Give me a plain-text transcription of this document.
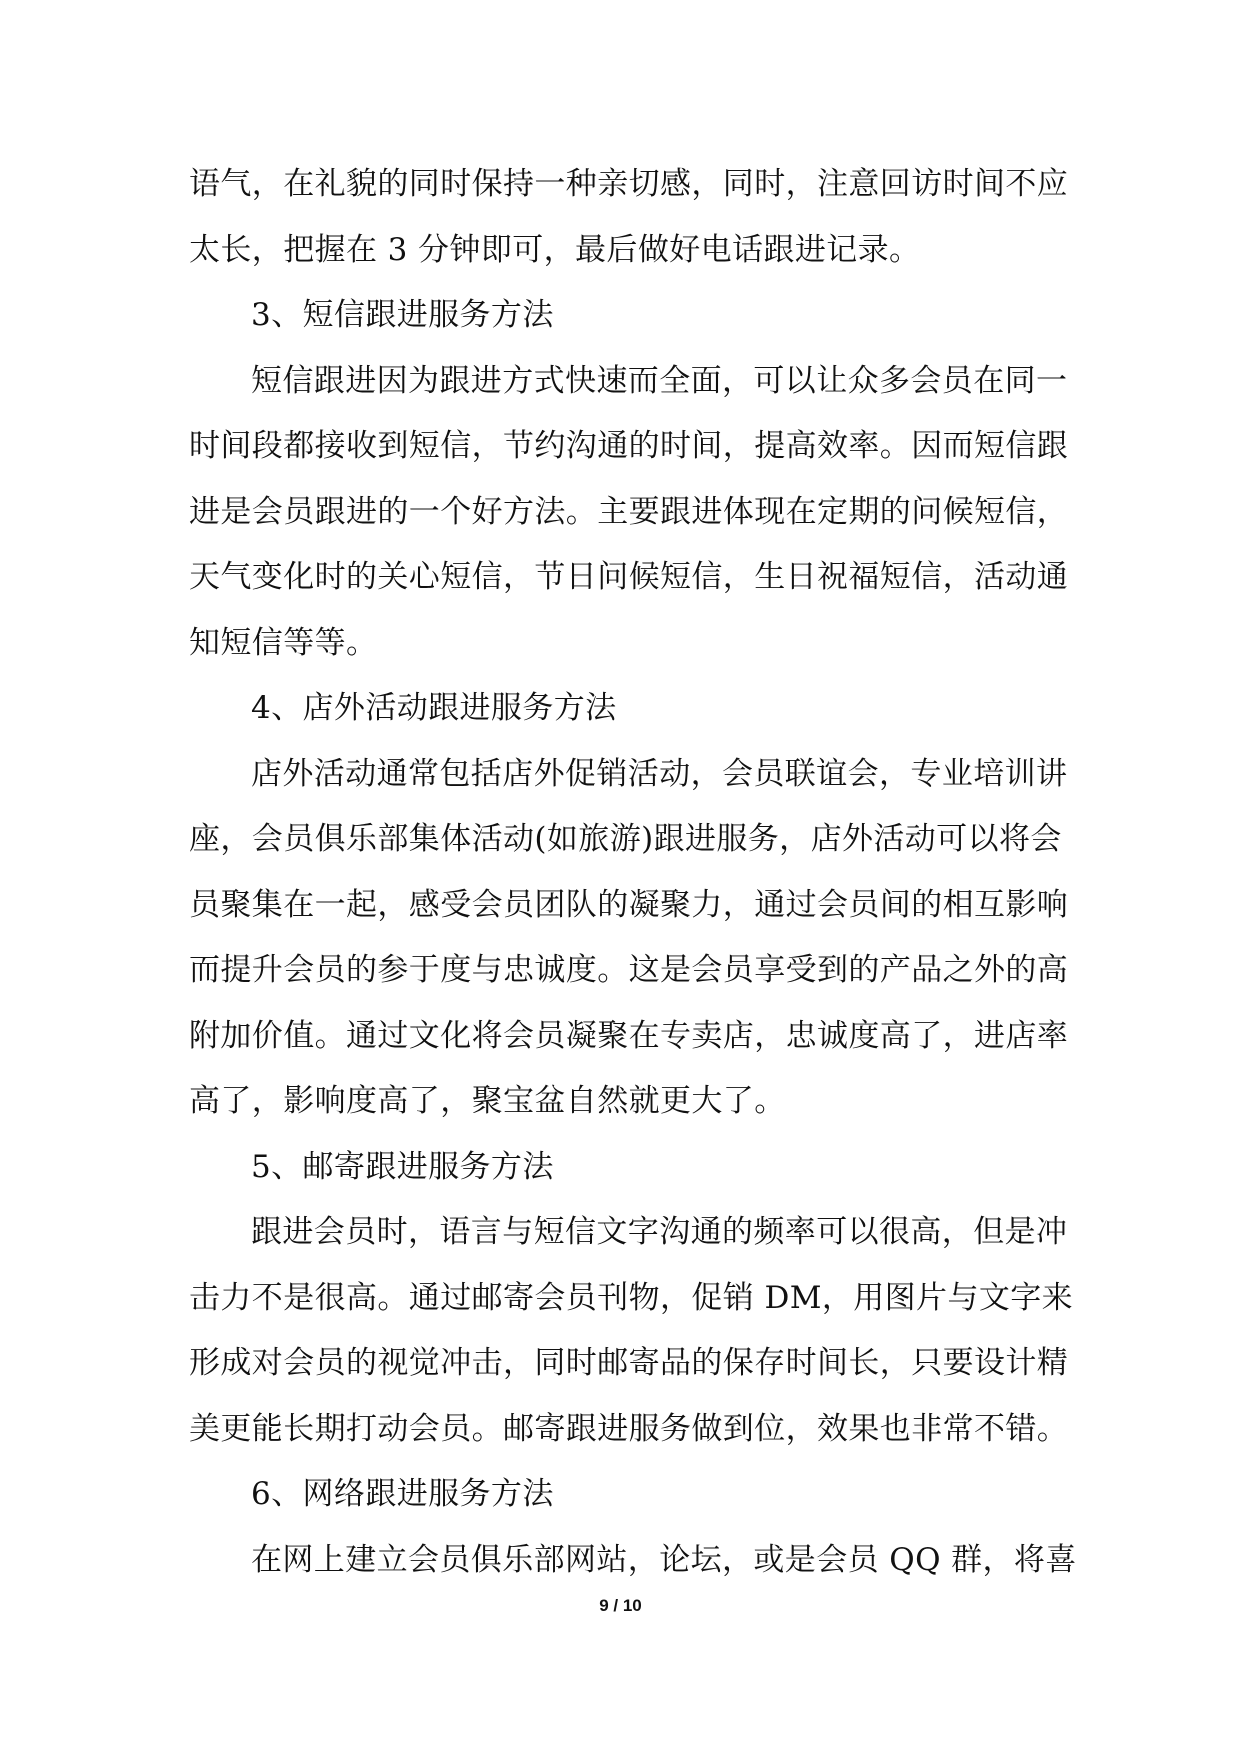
语气，在礼貌的同时保持一种亲切感，同时，注意回访时间不应
太长，把握在 3 分钟即可，最后做好电话跟进记录。
3、短信跟进服务方法
短信跟进因为跟进方式快速而全面，可以让众多会员在同一
时间段都接收到短信，节约沟通的时间，提高效率。因而短信跟
进是会员跟进的一个好方法。主要跟进体现在定期的问候短信，
天气变化时的关心短信，节日问候短信，生日祝福短信，活动通
知短信等等。
4、店外活动跟进服务方法
店外活动通常包括店外促销活动，会员联谊会，专业培训讲
座，会员俱乐部集体活动(如旅游)跟进服务，店外活动可以将会
员聚集在一起，感受会员团队的凝聚力，通过会员间的相互影响
而提升会员的参于度与忠诚度。这是会员享受到的产品之外的高
附加价值。通过文化将会员凝聚在专卖店，忠诚度高了，进店率
高了，影响度高了，聚宝盆自然就更大了。
5、邮寄跟进服务方法
跟进会员时，语言与短信文字沟通的频率可以很高，但是冲
击力不是很高。通过邮寄会员刊物，促销 DM，用图片与文字来
形成对会员的视觉冲击，同时邮寄品的保存时间长，只要设计精
美更能长期打动会员。邮寄跟进服务做到位，效果也非常不错。
6、网络跟进服务方法
在网上建立会员俱乐部网站，论坛，或是会员 QQ 群，将喜
9 / 10
